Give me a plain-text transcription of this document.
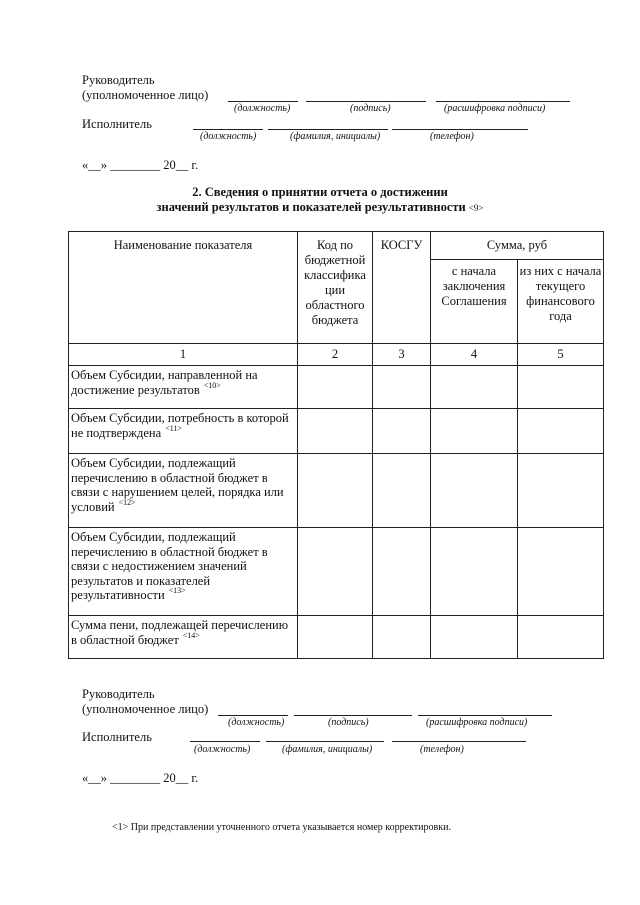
Руководитель
(уполномоченное лицо)
(должность)	(подпись)	(расшифровка подписи)
Исполнитель
(должность)	(фамилия, инициалы)	(телефон)
«__» ________ 20__ г.
2. Сведения о принятии отчета о достижении
значений результатов и показателей результативности <9>
Наименование показателя	Код по бюджетной классифика ции областного бюджета	КОСГУ	Сумма, руб	
			с начала заключения Соглашения	из них с начала текущего финансового года
1	2	3	4	5
Объем Субсидии, направленной на достижение результатов <10>				

Объем Субсидии, потребность в которой не подтверждена <11>				

Объем Субсидии, подлежащий перечислению в областной бюджет в связи с нарушением целей, порядка или условий <12>				

Объем Субсидии, подлежащий перечислению в областной бюджет в связи с недостижением значений результатов и показателей результативности <13>				

Сумма пени, подлежащей перечислению в областной бюджет <14>				

Руководитель
(уполномоченное лицо)
(должность)	(подпись)	(расшифровка подписи)
Исполнитель
(должность)	(фамилия, инициалы)	(телефон)
«__» ________ 20__ г.
<1> При представлении уточненного отчета указывается номер корректировки.
